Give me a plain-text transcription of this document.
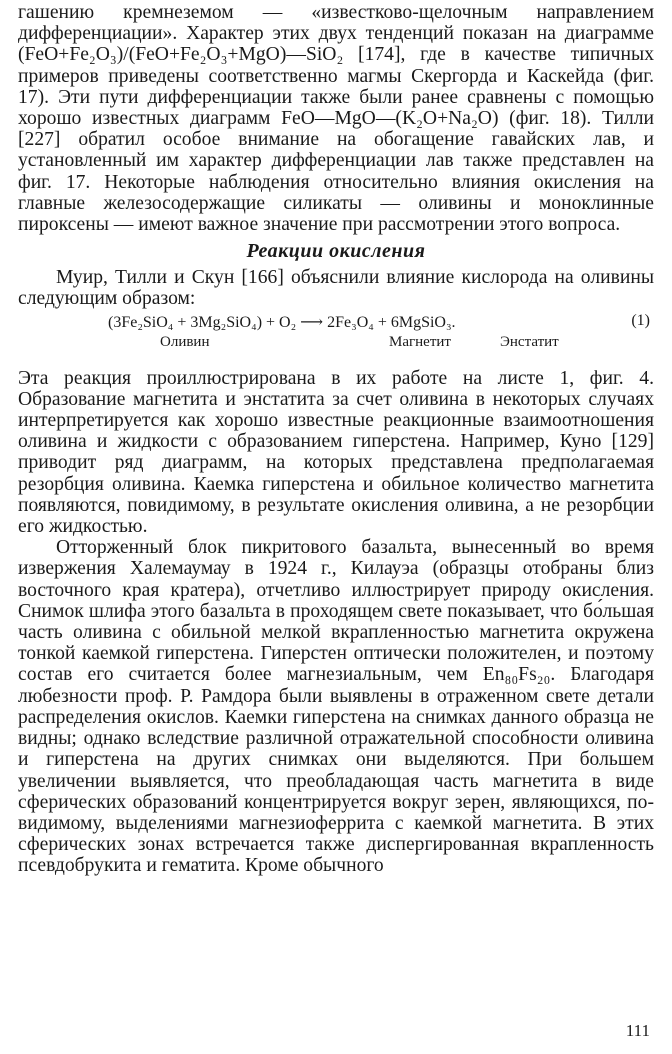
гашению кремнеземом — «известково-щелочным направлением дифференциации». Характер этих двух тенденций показан на диаграмме (FeO+Fe₂O₃)/(FeO+Fe₂O₃+MgO)—SiO₂ [174], где в качестве типичных примеров приведены соответственно магмы Скергорда и Каскейда (фиг. 17). Эти пути дифференциации также были ранее сравнены с помощью хорошо известных диаграмм FeO—MgO—(K₂O+Na₂O) (фиг. 18). Тилли [227] обратил особое внимание на обогащение гавайских лав, и установленный им характер дифференциации лав также представлен на фиг. 17. Некоторые наблюдения относительно влияния окисления на главные железосодержащие силикаты — оливины и моноклинные пироксены — имеют важное значение при рассмотрении этого вопроса.

Реакции окисления

Муир, Тилли и Скун [166] объяснили влияние кислорода на оливины следующим образом:

(3Fe₂SiO₄ + 3Mg₂SiO₄) + O₂ ⟶ 2Fe₃O₄ + 6MgSiO₃.	(1)
Оливин	Магнетит	Энстатит

Эта реакция проиллюстрирована в их работе на листе 1, фиг. 4. Образование магнетита и энстатита за счет оливина в некоторых случаях интерпретируется как хорошо известные реакционные взаимоотношения оливина и жидкости с образованием гиперстена. Например, Куно [129] приводит ряд диаграмм, на которых представлена предполагаемая резорбция оливина. Каемка гиперстена и обильное количество магнетита появляются, повидимому, в результате окисления оливина, а не резорбции его жидкостью.

Отторженный блок пикритового базальта, вынесенный во время извержения Халемаумау в 1924 г., Килауэа (образцы отобраны близ восточного края кратера), отчетливо иллюстрирует природу окисления. Снимок шлифа этого базальта в проходящем свете показывает, что бо́льшая часть оливина с обильной мелкой вкрапленностью магнетита окружена тонкой каемкой гиперстена. Гиперстен оптически положителен, и поэтому состав его считается более магнезиальным, чем En₈₀Fs₂₀. Благодаря любезности проф. Р. Рамдора были выявлены в отраженном свете детали распределения окислов. Каемки гиперстена на снимках данного образца не видны; однако вследствие различной отражательной способности оливина и гиперстена на других снимках они выделяются. При большем увеличении выявляется, что преобладающая часть магнетита в виде сферических образований концентрируется вокруг зерен, являющихся, по-видимому, выделениями магнезиоферрита с каемкой магнетита. В этих сферических зонах встречается также диспергированная вкрапленность псевдобрукита и гематита. Кроме обычного

111
